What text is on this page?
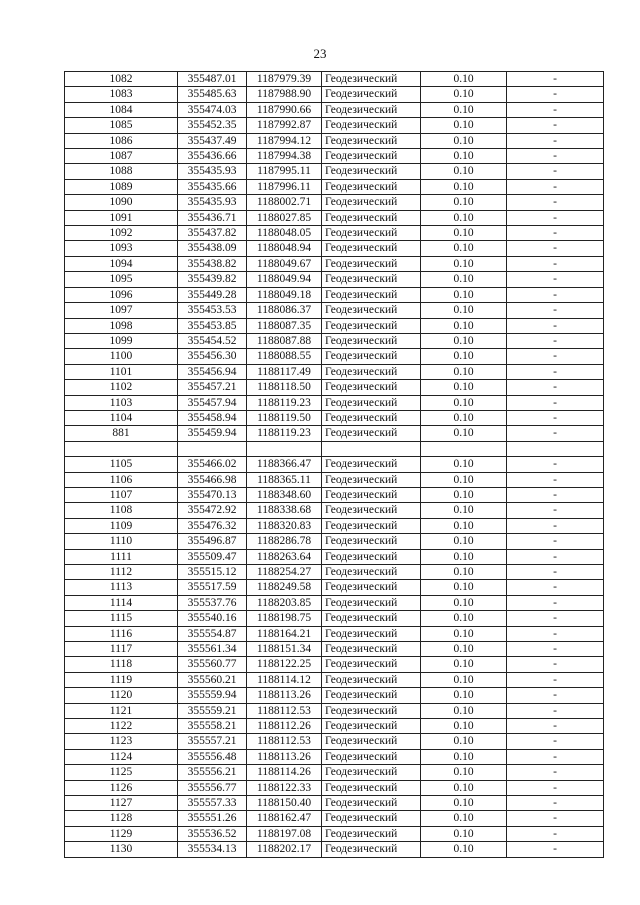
23
1082	355487.01	1187979.39	Геодезический	0.10	-
1083	355485.63	1187988.90	Геодезический	0.10	-
1084	355474.03	1187990.66	Геодезический	0.10	-
1085	355452.35	1187992.87	Геодезический	0.10	-
1086	355437.49	1187994.12	Геодезический	0.10	-
1087	355436.66	1187994.38	Геодезический	0.10	-
1088	355435.93	1187995.11	Геодезический	0.10	-
1089	355435.66	1187996.11	Геодезический	0.10	-
1090	355435.93	1188002.71	Геодезический	0.10	-
1091	355436.71	1188027.85	Геодезический	0.10	-
1092	355437.82	1188048.05	Геодезический	0.10	-
1093	355438.09	1188048.94	Геодезический	0.10	-
1094	355438.82	1188049.67	Геодезический	0.10	-
1095	355439.82	1188049.94	Геодезический	0.10	-
1096	355449.28	1188049.18	Геодезический	0.10	-
1097	355453.53	1188086.37	Геодезический	0.10	-
1098	355453.85	1188087.35	Геодезический	0.10	-
1099	355454.52	1188087.88	Геодезический	0.10	-
1100	355456.30	1188088.55	Геодезический	0.10	-
1101	355456.94	1188117.49	Геодезический	0.10	-
1102	355457.21	1188118.50	Геодезический	0.10	-
1103	355457.94	1188119.23	Геодезический	0.10	-
1104	355458.94	1188119.50	Геодезический	0.10	-
881	355459.94	1188119.23	Геодезический	0.10	-

1105	355466.02	1188366.47	Геодезический	0.10	-
1106	355466.98	1188365.11	Геодезический	0.10	-
1107	355470.13	1188348.60	Геодезический	0.10	-
1108	355472.92	1188338.68	Геодезический	0.10	-
1109	355476.32	1188320.83	Геодезический	0.10	-
1110	355496.87	1188286.78	Геодезический	0.10	-
1111	355509.47	1188263.64	Геодезический	0.10	-
1112	355515.12	1188254.27	Геодезический	0.10	-
1113	355517.59	1188249.58	Геодезический	0.10	-
1114	355537.76	1188203.85	Геодезический	0.10	-
1115	355540.16	1188198.75	Геодезический	0.10	-
1116	355554.87	1188164.21	Геодезический	0.10	-
1117	355561.34	1188151.34	Геодезический	0.10	-
1118	355560.77	1188122.25	Геодезический	0.10	-
1119	355560.21	1188114.12	Геодезический	0.10	-
1120	355559.94	1188113.26	Геодезический	0.10	-
1121	355559.21	1188112.53	Геодезический	0.10	-
1122	355558.21	1188112.26	Геодезический	0.10	-
1123	355557.21	1188112.53	Геодезический	0.10	-
1124	355556.48	1188113.26	Геодезический	0.10	-
1125	355556.21	1188114.26	Геодезический	0.10	-
1126	355556.77	1188122.33	Геодезический	0.10	-
1127	355557.33	1188150.40	Геодезический	0.10	-
1128	355551.26	1188162.47	Геодезический	0.10	-
1129	355536.52	1188197.08	Геодезический	0.10	-
1130	355534.13	1188202.17	Геодезический	0.10	-
